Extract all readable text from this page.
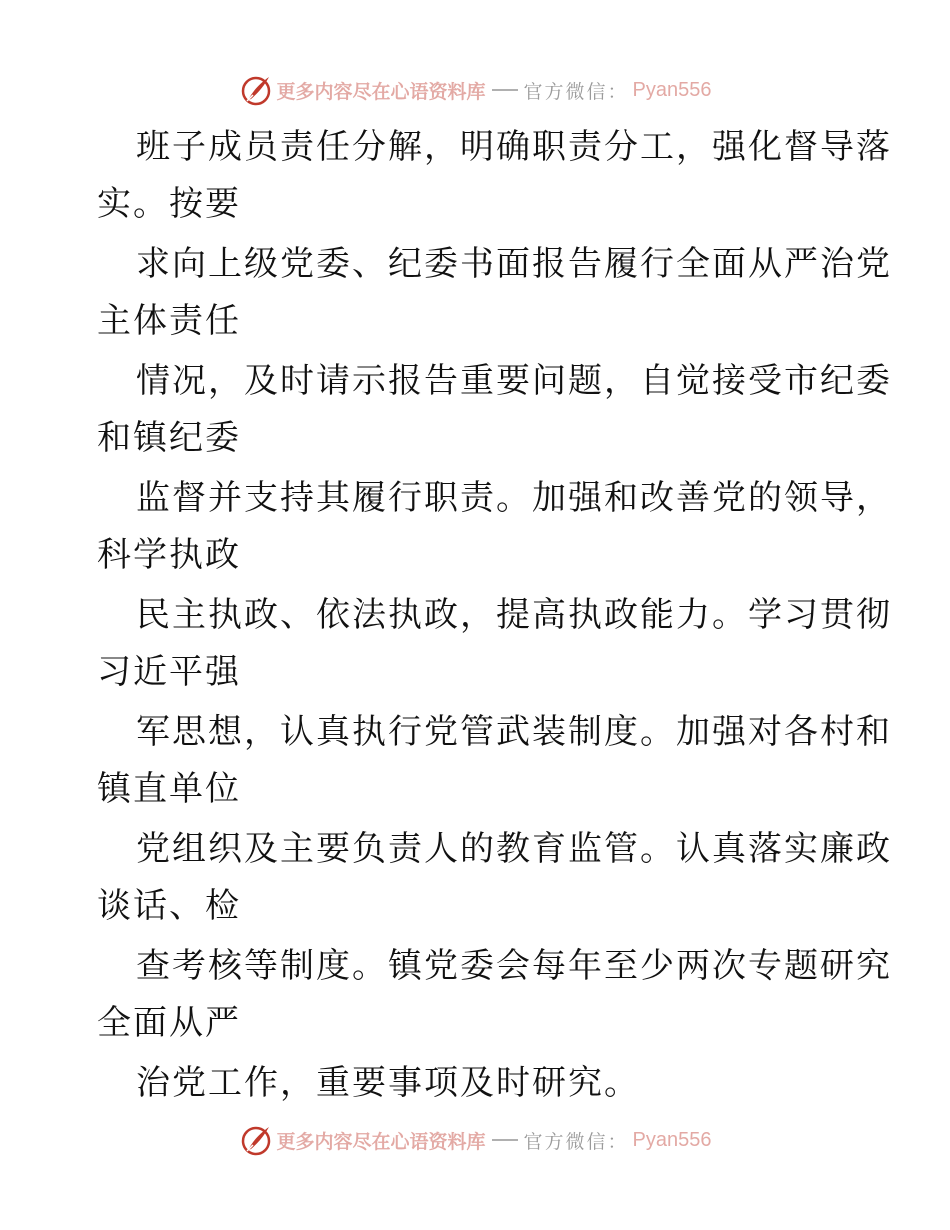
更多内容尽在心语资料库 官方微信： Pyan556
班子成员责任分解，明确职责分工，强化督导落
实。按要
求向上级党委、纪委书面报告履行全面从严治党
主体责任
情况，及时请示报告重要问题，自觉接受市纪委
和镇纪委
监督并支持其履行职责。加强和改善党的领导，
科学执政
民主执政、依法执政，提高执政能力。学习贯彻
习近平强
军思想，认真执行党管武装制度。加强对各村和
镇直单位
党组织及主要负责人的教育监管。认真落实廉政
谈话、检
查考核等制度。镇党委会每年至少两次专题研究
全面从严
治党工作，重要事项及时研究。
更多内容尽在心语资料库 官方微信： Pyan556
